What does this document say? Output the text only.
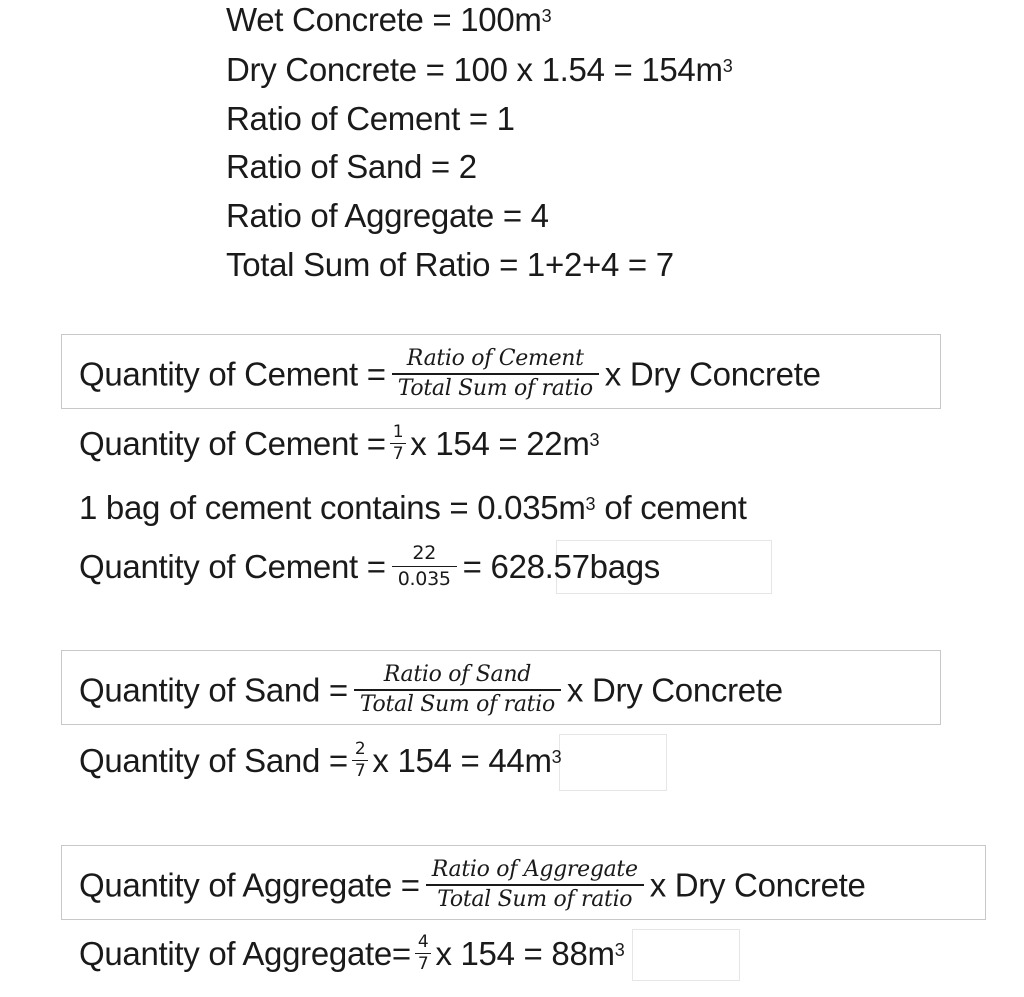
Wet Concrete = $100m^3$
Dry Concrete = 100 x $1.54 = 154m^3$
Ratio of Cement = 1
Ratio of Sand = 2
Ratio of Aggregate = 4
Total Sum of Ratio = 1+2+4 = 7
Quantity of Cement = $\frac{\text{Ratio of Cement}}{\text{Total Sum of ratio}}$ x Dry Concrete
Quantity of Cement = $\frac{1}{7}$ x $154 = 22m^3$
1 bag of cement contains = $0.035m^3$ of cement
Quantity of Cement = $\frac{22}{0.035}$ = 628.57bags
Quantity of Sand = $\frac{\text{Ratio of Sand}}{\text{Total Sum of ratio}}$ x Dry Concrete
Quantity of Sand = $\frac{2}{7}$ x $154 = 44m^3$
Quantity of Aggregate = $\frac{\text{Ratio of Aggregate}}{\text{Total Sum of ratio}}$ x Dry Concrete
Quantity of Aggregate= $\frac{4}{7}$ x $154 = 88m^3$
